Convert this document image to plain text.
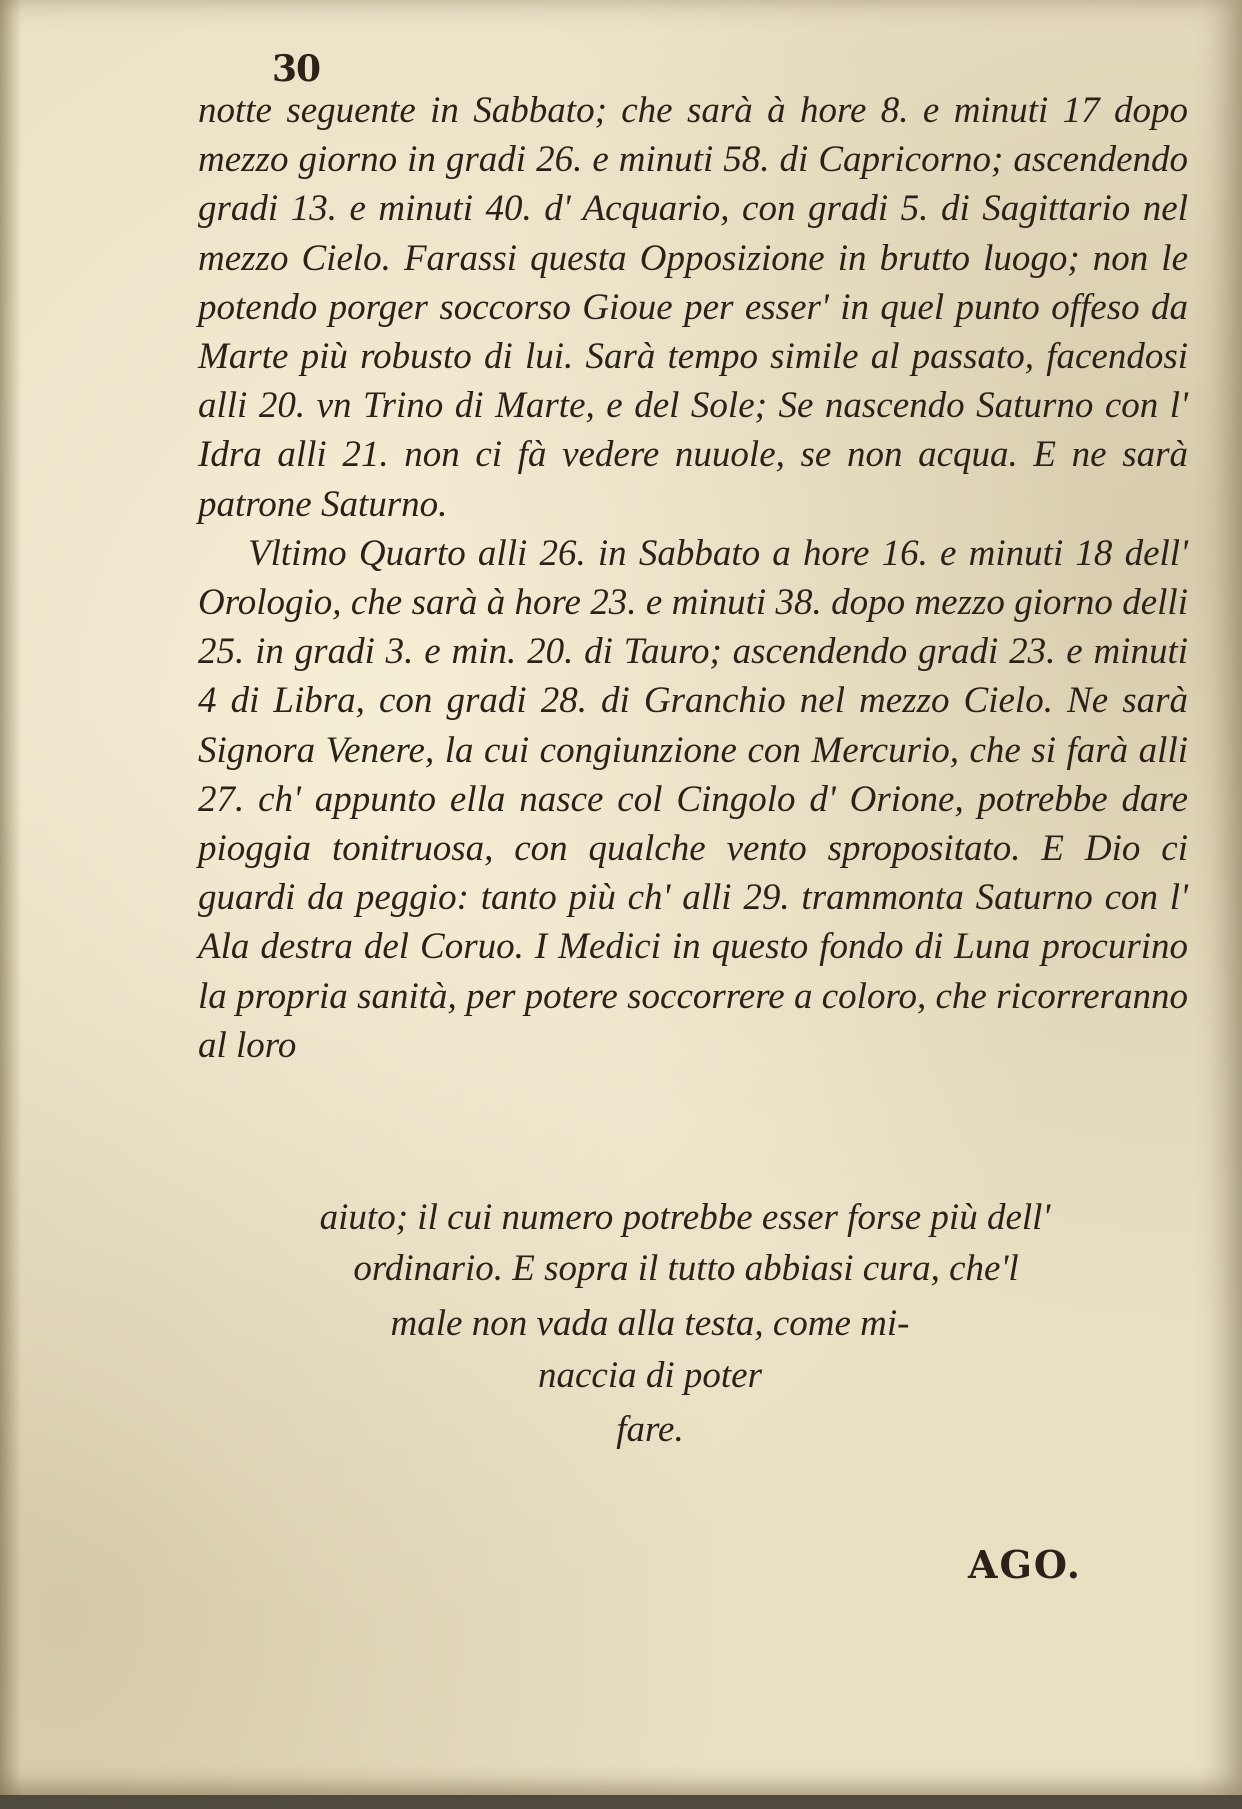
30

notte seguente in Sabbato; che sarà à hore 8. e minuti 17 dopo mezzo giorno in gradi 26. e minuti 58. di Capricorno; ascendendo gradi 13. e minuti 40. d' Acquario, con gradi 5. di Sagittario nel mezzo Cielo. Farassi questa Opposizione in brutto luogo; non le potendo porger soccorso Gioue per esser' in quel punto offeso da Marte più robusto di lui. Sarà tempo simile al passato, facendosi alli 20. vn Trino di Marte, e del Sole; Se nascendo Saturno con l' Idra alli 21. non ci fà vedere nuuole, se non acqua. E ne sarà patrone Saturno.

Vltimo Quarto alli 26. in Sabbato a hore 16. e minuti 18 dell' Orologio, che sarà à hore 23. e minuti 38. dopo mezzo giorno delli 25. in gradi 3. e min. 20. di Tauro; ascendendo gradi 23. e minuti 4 di Libra, con gradi 28. di Granchio nel mezzo Cielo. Ne sarà Signora Venere, la cui congiunzione con Mercurio, che si farà alli 27. ch' appunto ella nasce col Cingolo d' Orione, potrebbe dare pioggia tonitruosa, con qualche vento spropositato. E Dio ci guardi da peggio: tanto più ch' alli 29. trammonta Saturno con l' Ala destra del Coruo. I Medici in questo fondo di Luna procurino la propria sanità, per potere soccorrere a coloro, che ricorreranno al loro

aiuto; il cui numero potrebbe esser forse più dell'
ordinario. E sopra il tutto abbiasi cura, che'l
male non vada alla testa, come mi-
naccia di poter
fare.
AGO.
